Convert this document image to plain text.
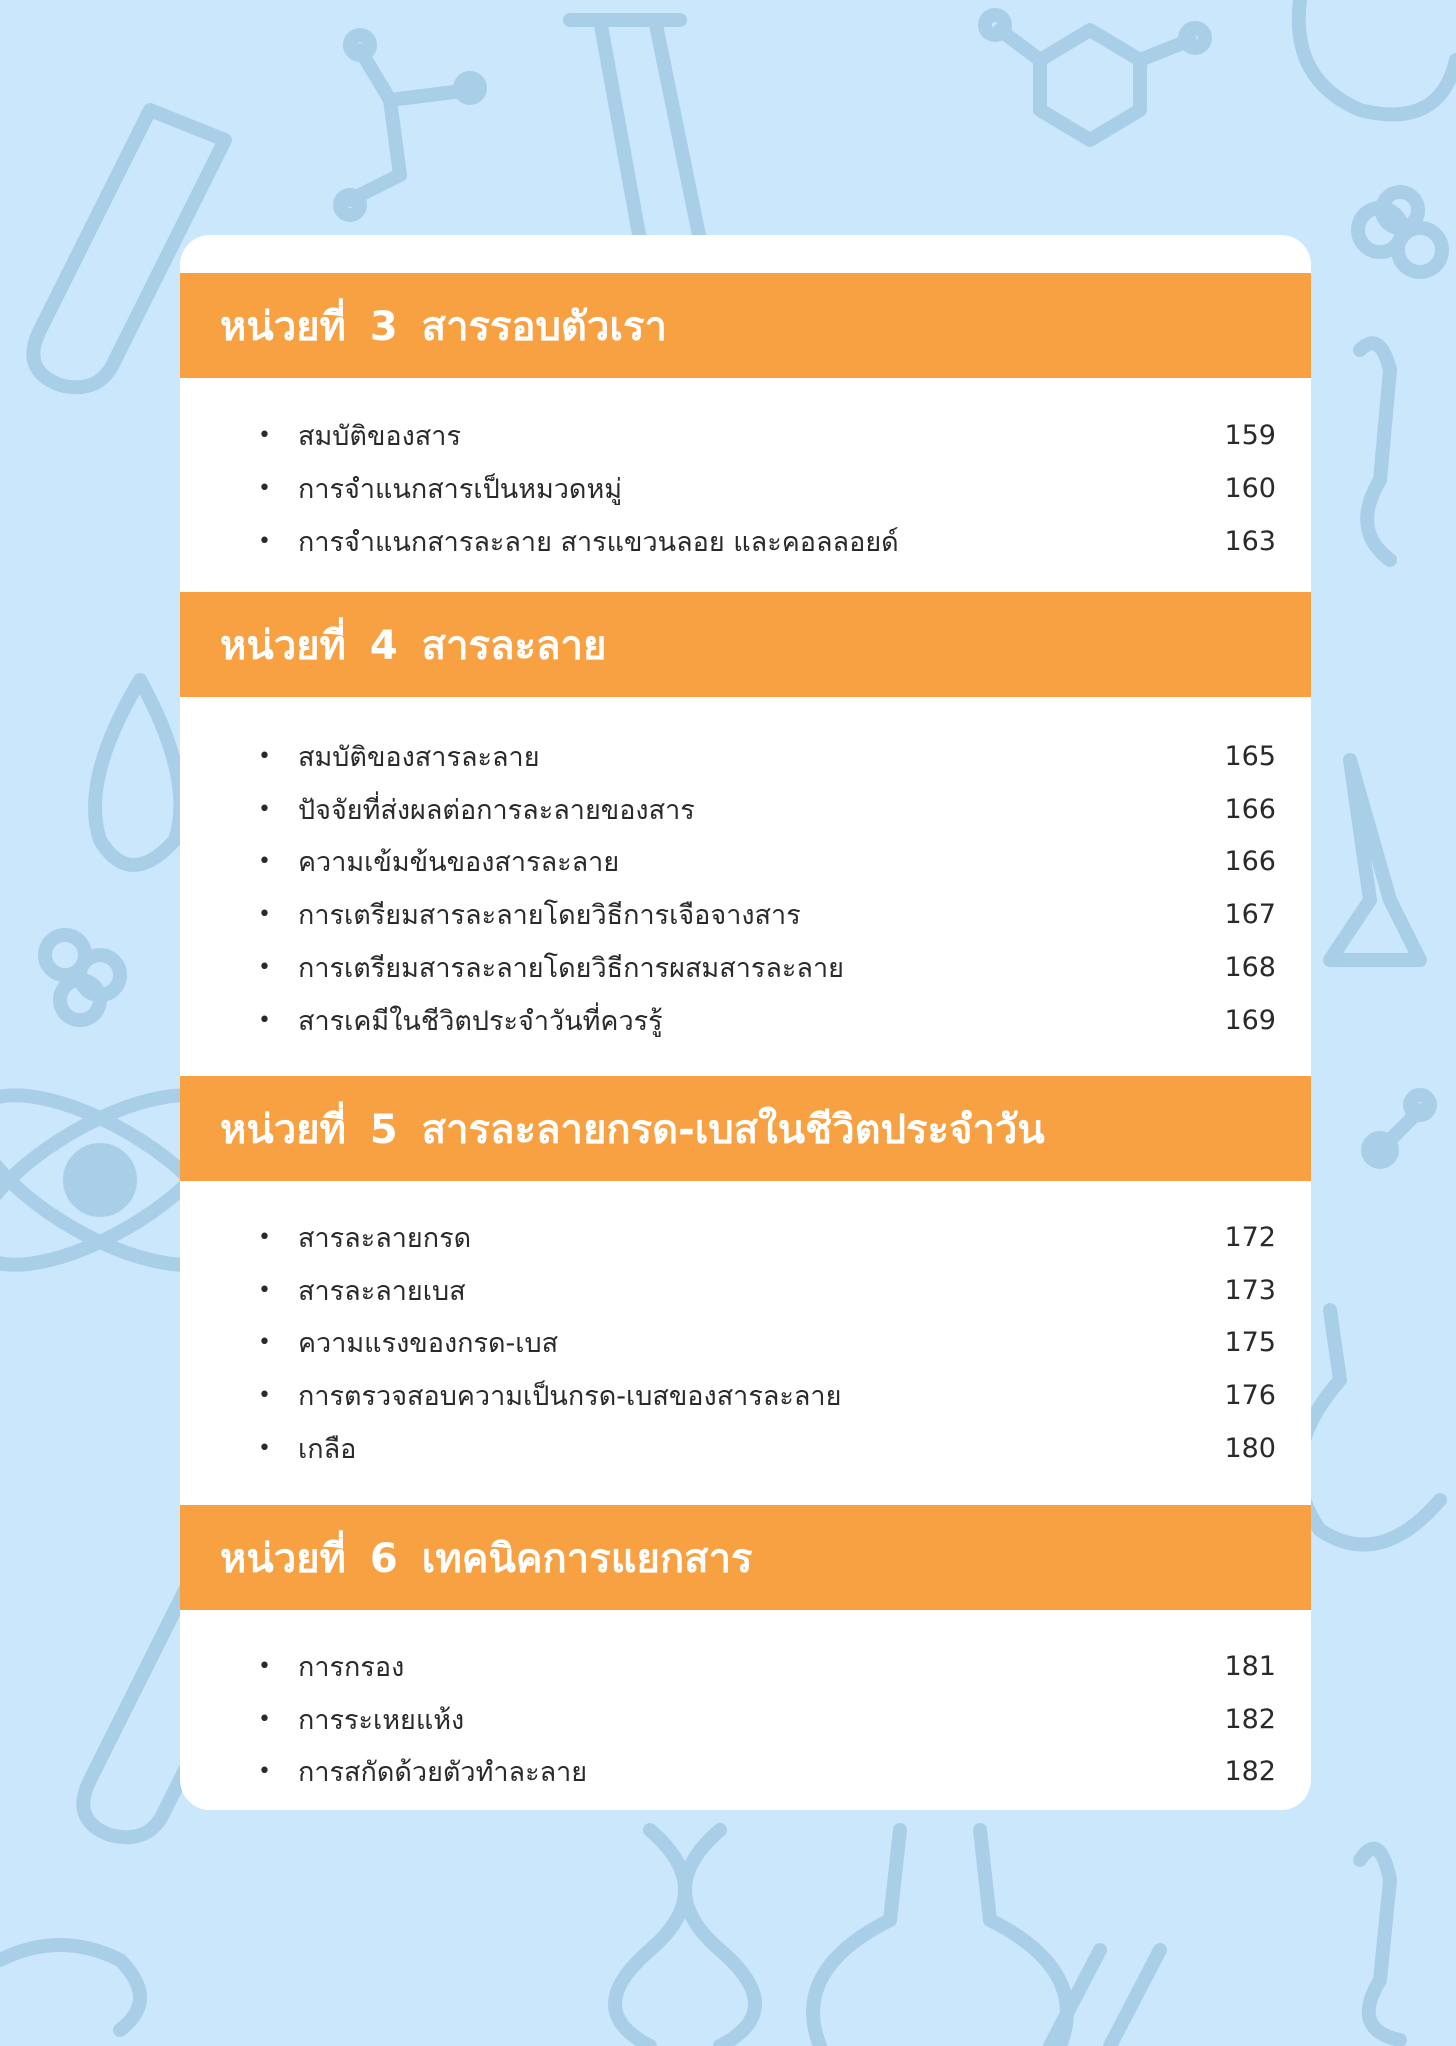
หน่วยที่ 3 สารรอบตัวเรา
• สมบัติของสาร	159
• การจำแนกสารเป็นหมวดหมู่	160
• การจำแนกสารละลาย สารแขวนลอย และคอลลอยด์	163
หน่วยที่ 4 สารละลาย
• สมบัติของสารละลาย	165
• ปัจจัยที่ส่งผลต่อการละลายของสาร	166
• ความเข้มข้นของสารละลาย	166
• การเตรียมสารละลายโดยวิธีการเจือจางสาร	167
• การเตรียมสารละลายโดยวิธีการผสมสารละลาย	168
• สารเคมีในชีวิตประจำวันที่ควรรู้	169
หน่วยที่ 5 สารละลายกรด-เบสในชีวิตประจำวัน
• สารละลายกรด	172
• สารละลายเบส	173
• ความแรงของกรด-เบส	175
• การตรวจสอบความเป็นกรด-เบสของสารละลาย	176
• เกลือ	180
หน่วยที่ 6 เทคนิคการแยกสาร
• การกรอง	181
• การระเหยแห้ง	182
• การสกัดด้วยตัวทำละลาย	182
